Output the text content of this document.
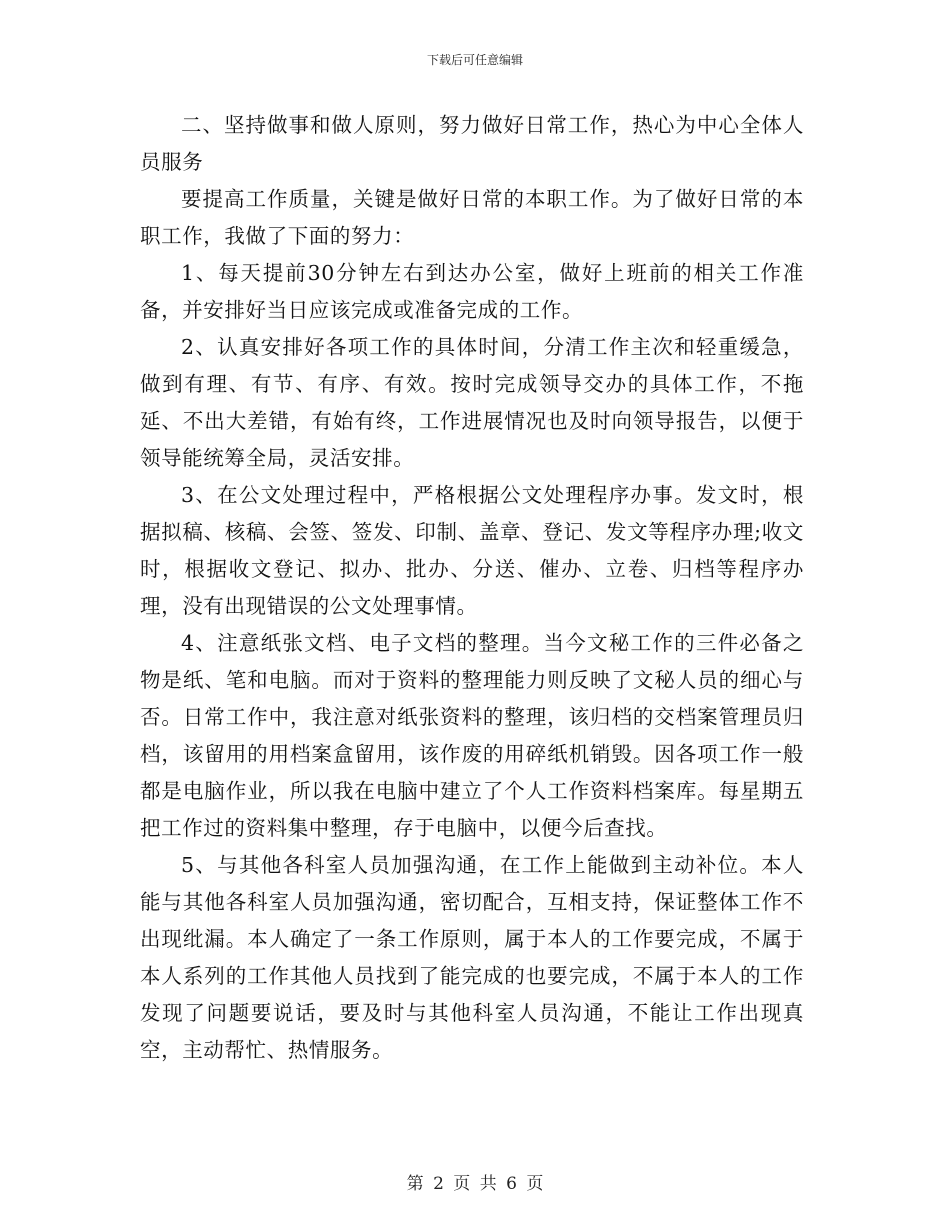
下载后可任意编辑

二、坚持做事和做人原则，努力做好日常工作，热心为中心全体人员服务

要提高工作质量，关键是做好日常的本职工作。为了做好日常的本职工作，我做了下面的努力：

1、每天提前30分钟左右到达办公室，做好上班前的相关工作准备，并安排好当日应该完成或准备完成的工作。

2、认真安排好各项工作的具体时间，分清工作主次和轻重缓急，做到有理、有节、有序、有效。按时完成领导交办的具体工作，不拖延、不出大差错，有始有终，工作进展情况也及时向领导报告，以便于领导能统筹全局，灵活安排。

3、在公文处理过程中，严格根据公文处理程序办事。发文时，根据拟稿、核稿、会签、签发、印制、盖章、登记、发文等程序办理;收文时，根据收文登记、拟办、批办、分送、催办、立卷、归档等程序办理，没有出现错误的公文处理事情。

4、注意纸张文档、电子文档的整理。当今文秘工作的三件必备之物是纸、笔和电脑。而对于资料的整理能力则反映了文秘人员的细心与否。日常工作中，我注意对纸张资料的整理，该归档的交档案管理员归档，该留用的用档案盒留用，该作废的用碎纸机销毁。因各项工作一般都是电脑作业，所以我在电脑中建立了个人工作资料档案库。每星期五把工作过的资料集中整理，存于电脑中，以便今后查找。

5、与其他各科室人员加强沟通，在工作上能做到主动补位。本人能与其他各科室人员加强沟通，密切配合，互相支持，保证整体工作不出现纰漏。本人确定了一条工作原则，属于本人的工作要完成，不属于本人系列的工作其他人员找到了能完成的也要完成，不属于本人的工作发现了问题要说话，要及时与其他科室人员沟通，不能让工作出现真空，主动帮忙、热情服务。

第 2 页 共 6 页
